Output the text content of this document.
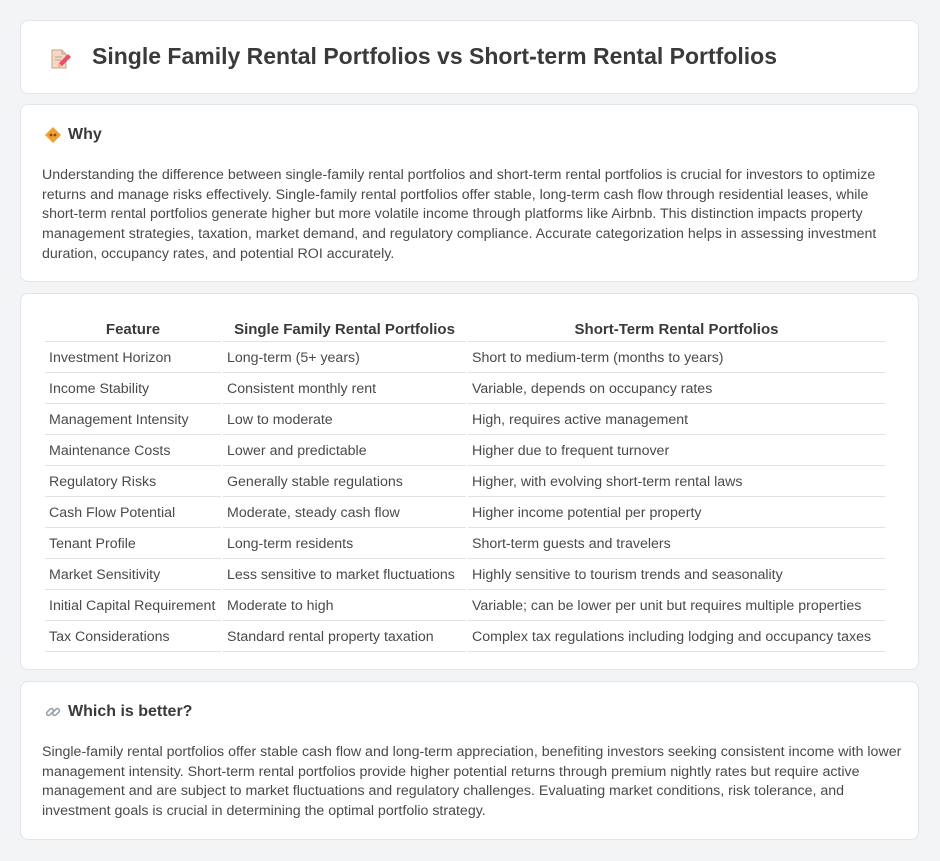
Single Family Rental Portfolios vs Short-term Rental Portfolios
Why

Understanding the difference between single-family rental portfolios and short-term rental portfolios is crucial for investors to optimize returns and manage risks effectively. Single-family rental portfolios offer stable, long-term cash flow through residential leases, while short-term rental portfolios generate higher but more volatile income through platforms like Airbnb. This distinction impacts property management strategies, taxation, market demand, and regulatory compliance. Accurate categorization helps in assessing investment duration, occupancy rates, and potential ROI accurately.

Feature	Single Family Rental Portfolios	Short-Term Rental Portfolios
Investment Horizon	Long-term (5+ years)	Short to medium-term (months to years)
Income Stability	Consistent monthly rent	Variable, depends on occupancy rates
Management Intensity	Low to moderate	High, requires active management
Maintenance Costs	Lower and predictable	Higher due to frequent turnover
Regulatory Risks	Generally stable regulations	Higher, with evolving short-term rental laws
Cash Flow Potential	Moderate, steady cash flow	Higher income potential per property
Tenant Profile	Long-term residents	Short-term guests and travelers
Market Sensitivity	Less sensitive to market fluctuations	Highly sensitive to tourism trends and seasonality
Initial Capital Requirement	Moderate to high	Variable; can be lower per unit but requires multiple properties
Tax Considerations	Standard rental property taxation	Complex tax regulations including lodging and occupancy taxes
Which is better?

Single-family rental portfolios offer stable cash flow and long-term appreciation, benefiting investors seeking consistent income with lower management intensity. Short-term rental portfolios provide higher potential returns through premium nightly rates but require active management and are subject to market fluctuations and regulatory challenges. Evaluating market conditions, risk tolerance, and investment goals is crucial in determining the optimal portfolio strategy.
